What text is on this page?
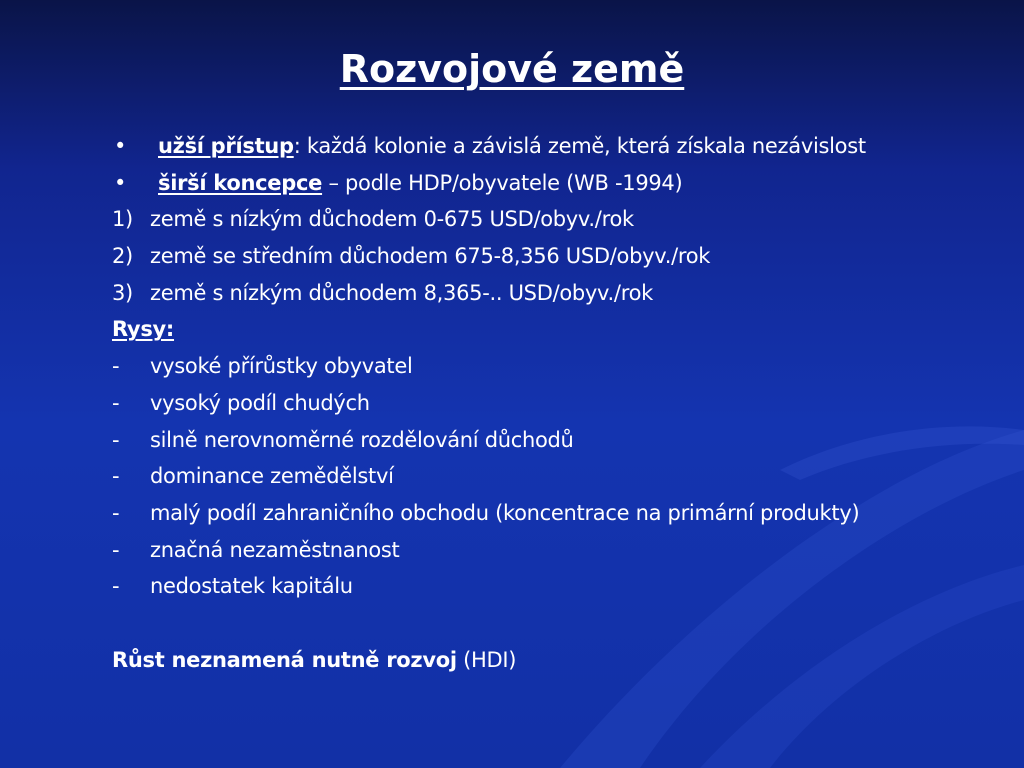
Rozvojové země
• užší přístup: každá kolonie a závislá země, která získala nezávislost
• širší koncepce – podle HDP/obyvatele (WB -1994)
1) země s nízkým důchodem 0-675 USD/obyv./rok
2) země se středním důchodem 675-8,356 USD/obyv./rok
3) země s nízkým důchodem 8,365-.. USD/obyv./rok
Rysy:
- vysoké přírůstky obyvatel
- vysoký podíl chudých
- silně nerovnoměrné rozdělování důchodů
- dominance zemědělství
- malý podíl zahraničního obchodu (koncentrace na primární produkty)
- značná nezaměstnanost
- nedostatek kapitálu
Růst neznamená nutně rozvoj (HDI)
